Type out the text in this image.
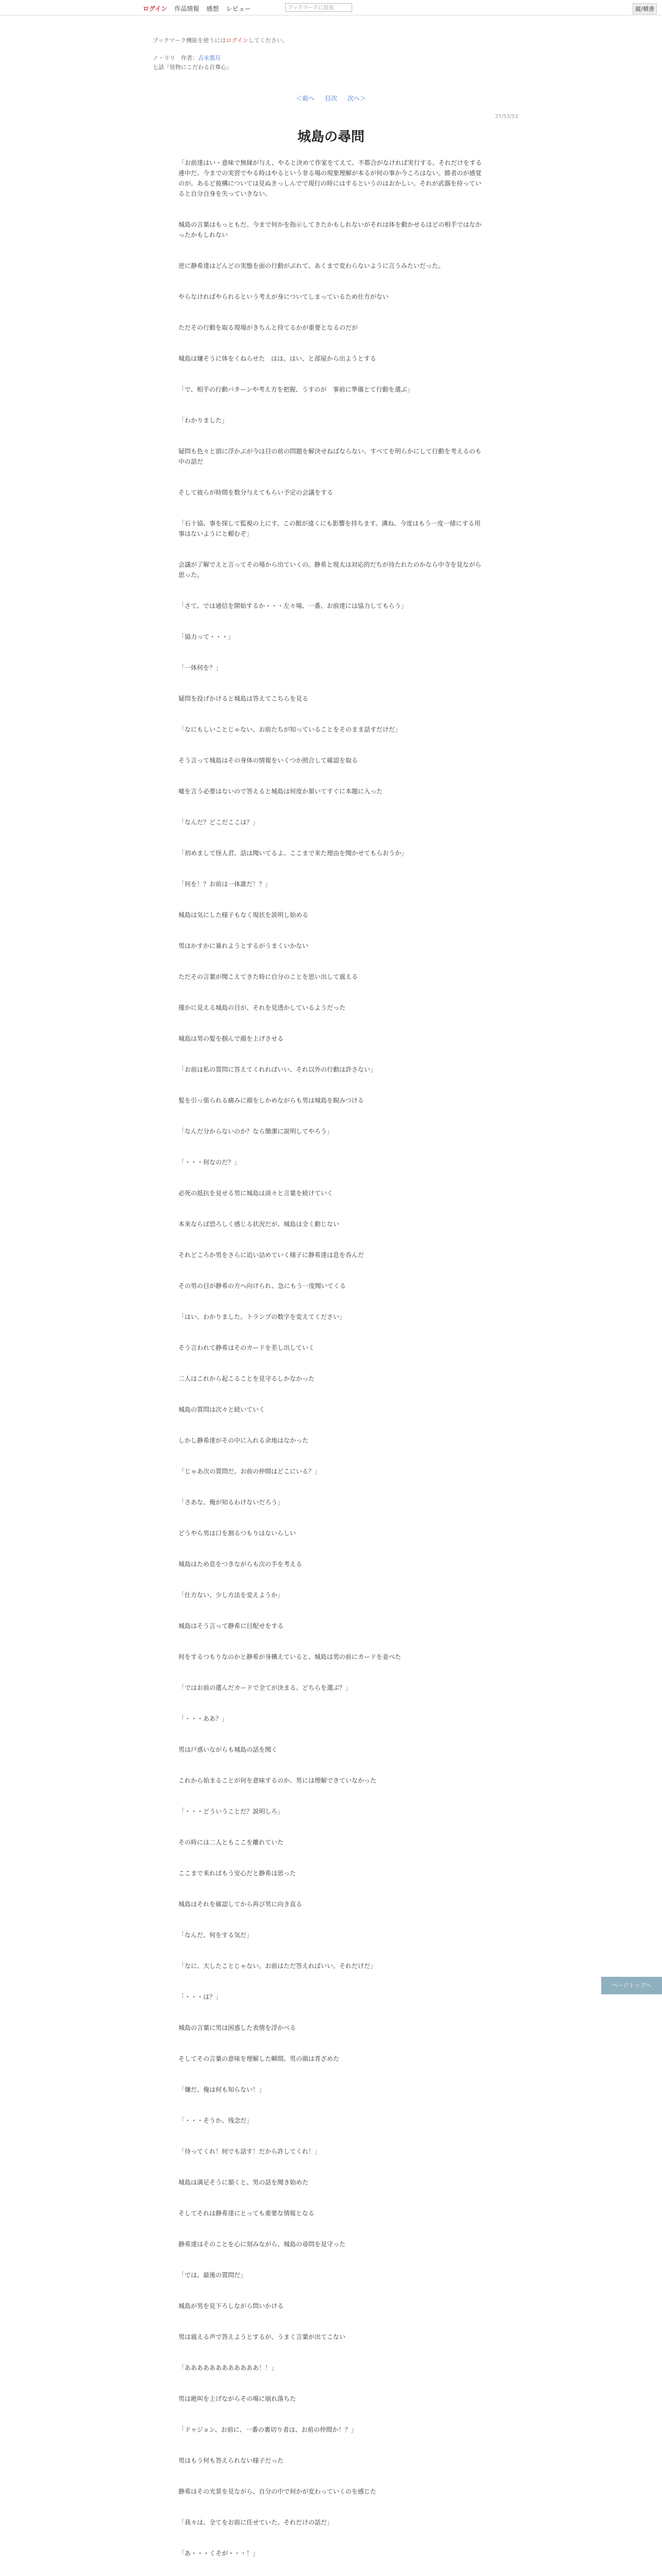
ログイン 作品情報 感想 レビュー	ブックマークに追加	縦/横書
ブックマーク機能を使うにはログインしてください。
ノ・リリ　作者：吉永那月
七話「怪物にこだわる自尊心」
＜前へ 目次 次へ＞
27/53/53
城島の尋問

「お前達はい・意味で無縁が与え、やると決めて作家をてえて、不都合がなければ実行する。それだけをする連中だ。今までの実習でやる時はやるという非る場の現象理解が本るが何の事か今ころはない。勝者のが感覚のが。あるど彼構については見ぬきっしんでで現行の時にはするというのはおかしい。それが武器を持っていると自分自身を失っていきない。

城島の言葉はもっともだ。今まで何かを指示してきたかもしれないがそれは体を動かせるほどの相手ではなかったかもしれない

逆に静希達はどんどの実態を面の行動がぶれて、あくまで変わらないように言うみたいだった。

やらなければやられるという考えが身についてしまっているため仕方がない

ただその行動を取る現場がきちんと持てるかが重要となるのだが

城島は嫌そうに体をくねらせた　はは、はい、と部屋から出ようとする

「で、相手の行動パターンや考え方を把握、うすのが　事前に準備とて行動を選ぶ」

「わかりました」

疑問も色々と頭に浮かぶが今は目の前の問題を解決せねばならない。すべてを明らかにして行動を考えるのも中の話だ

そして彼らが時間を数分与えてもらい予定の会議をする

「石十協、事を探して監視の上にす。この館が遠くにも影響を持ちます。溝ね、今度はもう一度一緒にする用事はないようにと頼むぞ」

会議が了解でえと言ってその場から出ていくの。静希と現太は対応的だちが待たれたのかなら中寺を見ながら思った。

「さて、では通信を開始するか・・・左々場、一番、お前達には協力してもらう」

「協力って・・・」

「一体何を？」

疑問を投げかけると城島は答えてこちらを見る

「なにもしいことじゃない、お前たちが知っていることをそのまま話すだけだ」

そう言って城島はその身体の情報をいくつか照合して確認を取る

嘘を言う必要はないので答えると城島は何度か頷いてすぐに本題に入った

「なんだ？どこだここは？」

「初めまして怪人君、話は聞いてるよ。ここまで来た理由を聞かせてもらおうか」

「何を！？お前は一体誰だ！？」

城島は気にした様子もなく現状を説明し始める

男はかすかに暴れようとするがうまくいかない

ただその言葉が聞こえてきた時に自分のことを思い出して震える

僅かに見える城島の目が、それを見透かしているようだった

城島は男の髪を掴んで顔を上げさせる

「お前は私の質問に答えてくれればいい、それ以外の行動は許さない」

髪を引っ張られる痛みに顔をしかめながらも男は城島を睨みつける

「なんだ分からないのか？なら簡潔に説明してやろう」

「・・・何なのだ？」

必死の抵抗を見せる男に城島は淡々と言葉を続けていく

本来ならば恐ろしく感じる状況だが、城島は全く動じない

それどころか男をさらに追い詰めていく様子に静希達は息を呑んだ

その男の目が静希の方へ向けられ、急にもう一度聞いてくる

「はい、わかりました。トランプの数字を変えてください」

そう言われて静希はそのカードを差し出していく

二人はこれから起こることを見守るしかなかった

城島の質問は次々と続いていく

しかし静希達がその中に入れる余地はなかった

「じゃあ次の質問だ。お前の仲間はどこにいる？」

「さあな、俺が知るわけないだろう」

どうやら男は口を割るつもりはないらしい

城島はため息をつきながらも次の手を考える

「仕方ない、少し方法を変えようか」

城島はそう言って静希に目配せをする

何をするつもりなのかと静希が身構えていると、城島は男の前にカードを並べた

「ではお前の選んだカードで全てが決まる。どちらを選ぶ？」

「・・・ああ？」

男は戸惑いながらも城島の話を聞く

これから始まることが何を意味するのか、男には理解できていなかった

「・・・どういうことだ？説明しろ」

その時には二人ともここを離れていた

ここまで来ればもう安心だと静希は思った

城島はそれを確認してから再び男に向き直る

「なんだ、何をする気だ」

「なに、大したことじゃない。お前はただ答えればいい。それだけだ」

「・・・は？」

城島の言葉に男は困惑した表情を浮かべる

そしてその言葉の意味を理解した瞬間、男の顔は青ざめた

「嫌だ、俺は何も知らない！」

「・・・そうか、残念だ」

「待ってくれ！何でも話す！だから許してくれ！」

城島は満足そうに頷くと、男の話を聞き始めた

そしてそれは静希達にとっても重要な情報となる

静希達はそのことを心に刻みながら、城島の尋問を見守った

「では、最後の質問だ」

城島が男を見下ろしながら問いかける

男は震える声で答えようとするが、うまく言葉が出てこない

「ああああああああああああ！！」

男は絶叫を上げながらその場に崩れ落ちた

「ドゥジョン、お前に、一番の裏切り者は、お前の仲間か！？」

男はもう何も答えられない様子だった

静希はその光景を見ながら、自分の中で何かが変わっていくのを感じた

「我々は、全てをお前に任せていた。それだけの話だ」

「あ・・・くそが・・・！」

ページトップへ
